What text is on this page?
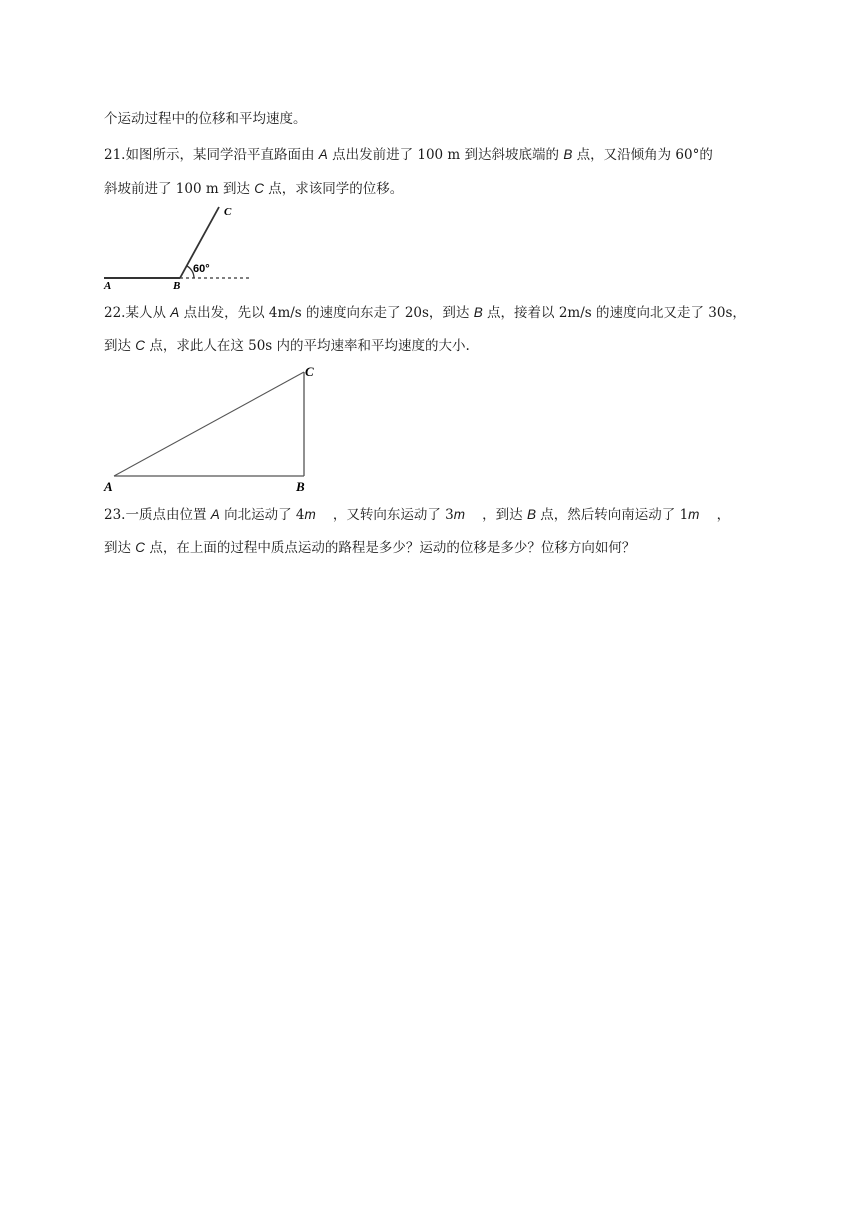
个运动过程中的位移和平均速度。
21.如图所示，某同学沿平直路面由 A 点出发前进了 100 m 到达斜坡底端的 B 点，又沿倾角为 60°的
斜坡前进了 100 m 到达 C 点，求该同学的位移。
A	B
C
60°
22.某人从 A 点出发，先以 4m/s 的速度向东走了 20s，到达 B 点，接着以 2m/s 的速度向北又走了 30s，
到达 C 点，求此人在这 50s 内的平均速率和平均速度的大小.
A	B
C
23.一质点由位置 A 向北运动了 4m    ，又转向东运动了 3m    ，到达 B 点，然后转向南运动了 1m    ，
到达 C 点，在上面的过程中质点运动的路程是多少？运动的位移是多少？位移方向如何？
